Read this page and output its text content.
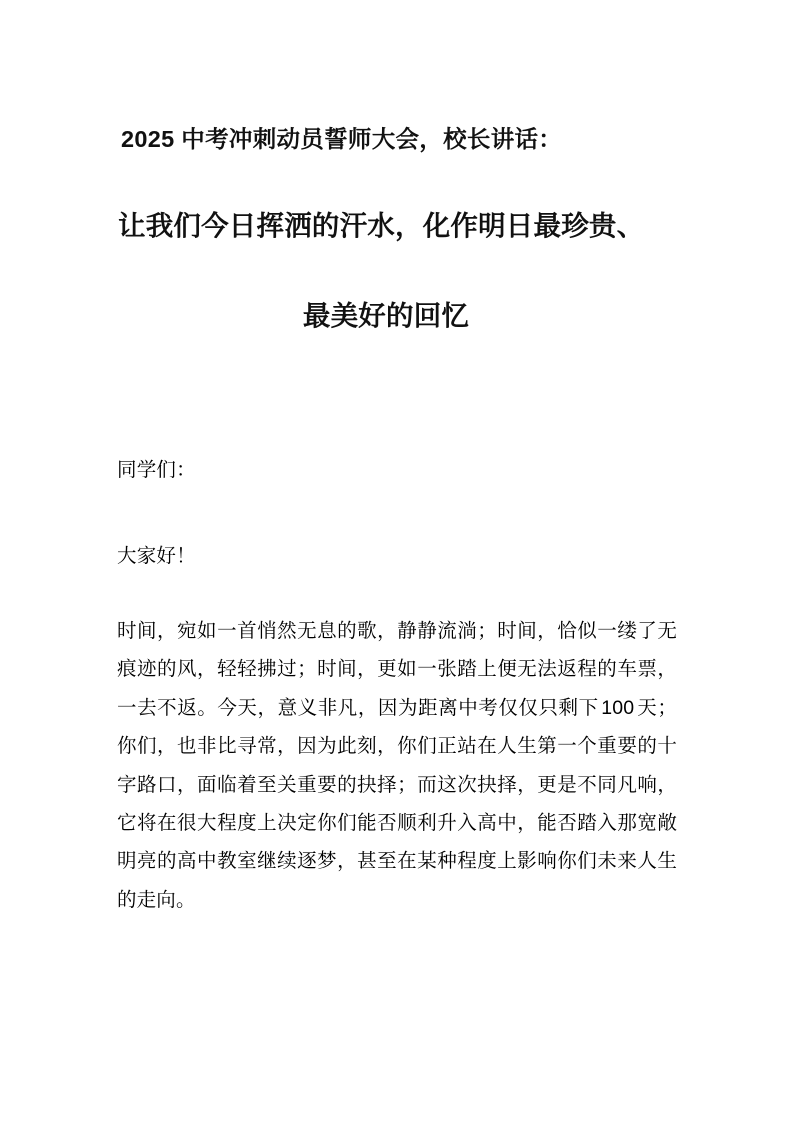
2025 中考冲刺动员誓师大会，校长讲话：
让我们今日挥洒的汗水，化作明日最珍贵、
最美好的回忆

同学们：

大家好！

时间，宛如一首悄然无息的歌，静静流淌；时间，恰似一缕了无痕迹的风，轻轻拂过；时间，更如一张踏上便无法返程的车票，一去不返。今天，意义非凡，因为距离中考仅仅只剩下 100 天；你们，也非比寻常，因为此刻，你们正站在人生第一个重要的十字路口，面临着至关重要的抉择；而这次抉择，更是不同凡响，它将在很大程度上决定你们能否顺利升入高中，能否踏入那宽敞明亮的高中教室继续逐梦，甚至在某种程度上影响你们未来人生的走向。
